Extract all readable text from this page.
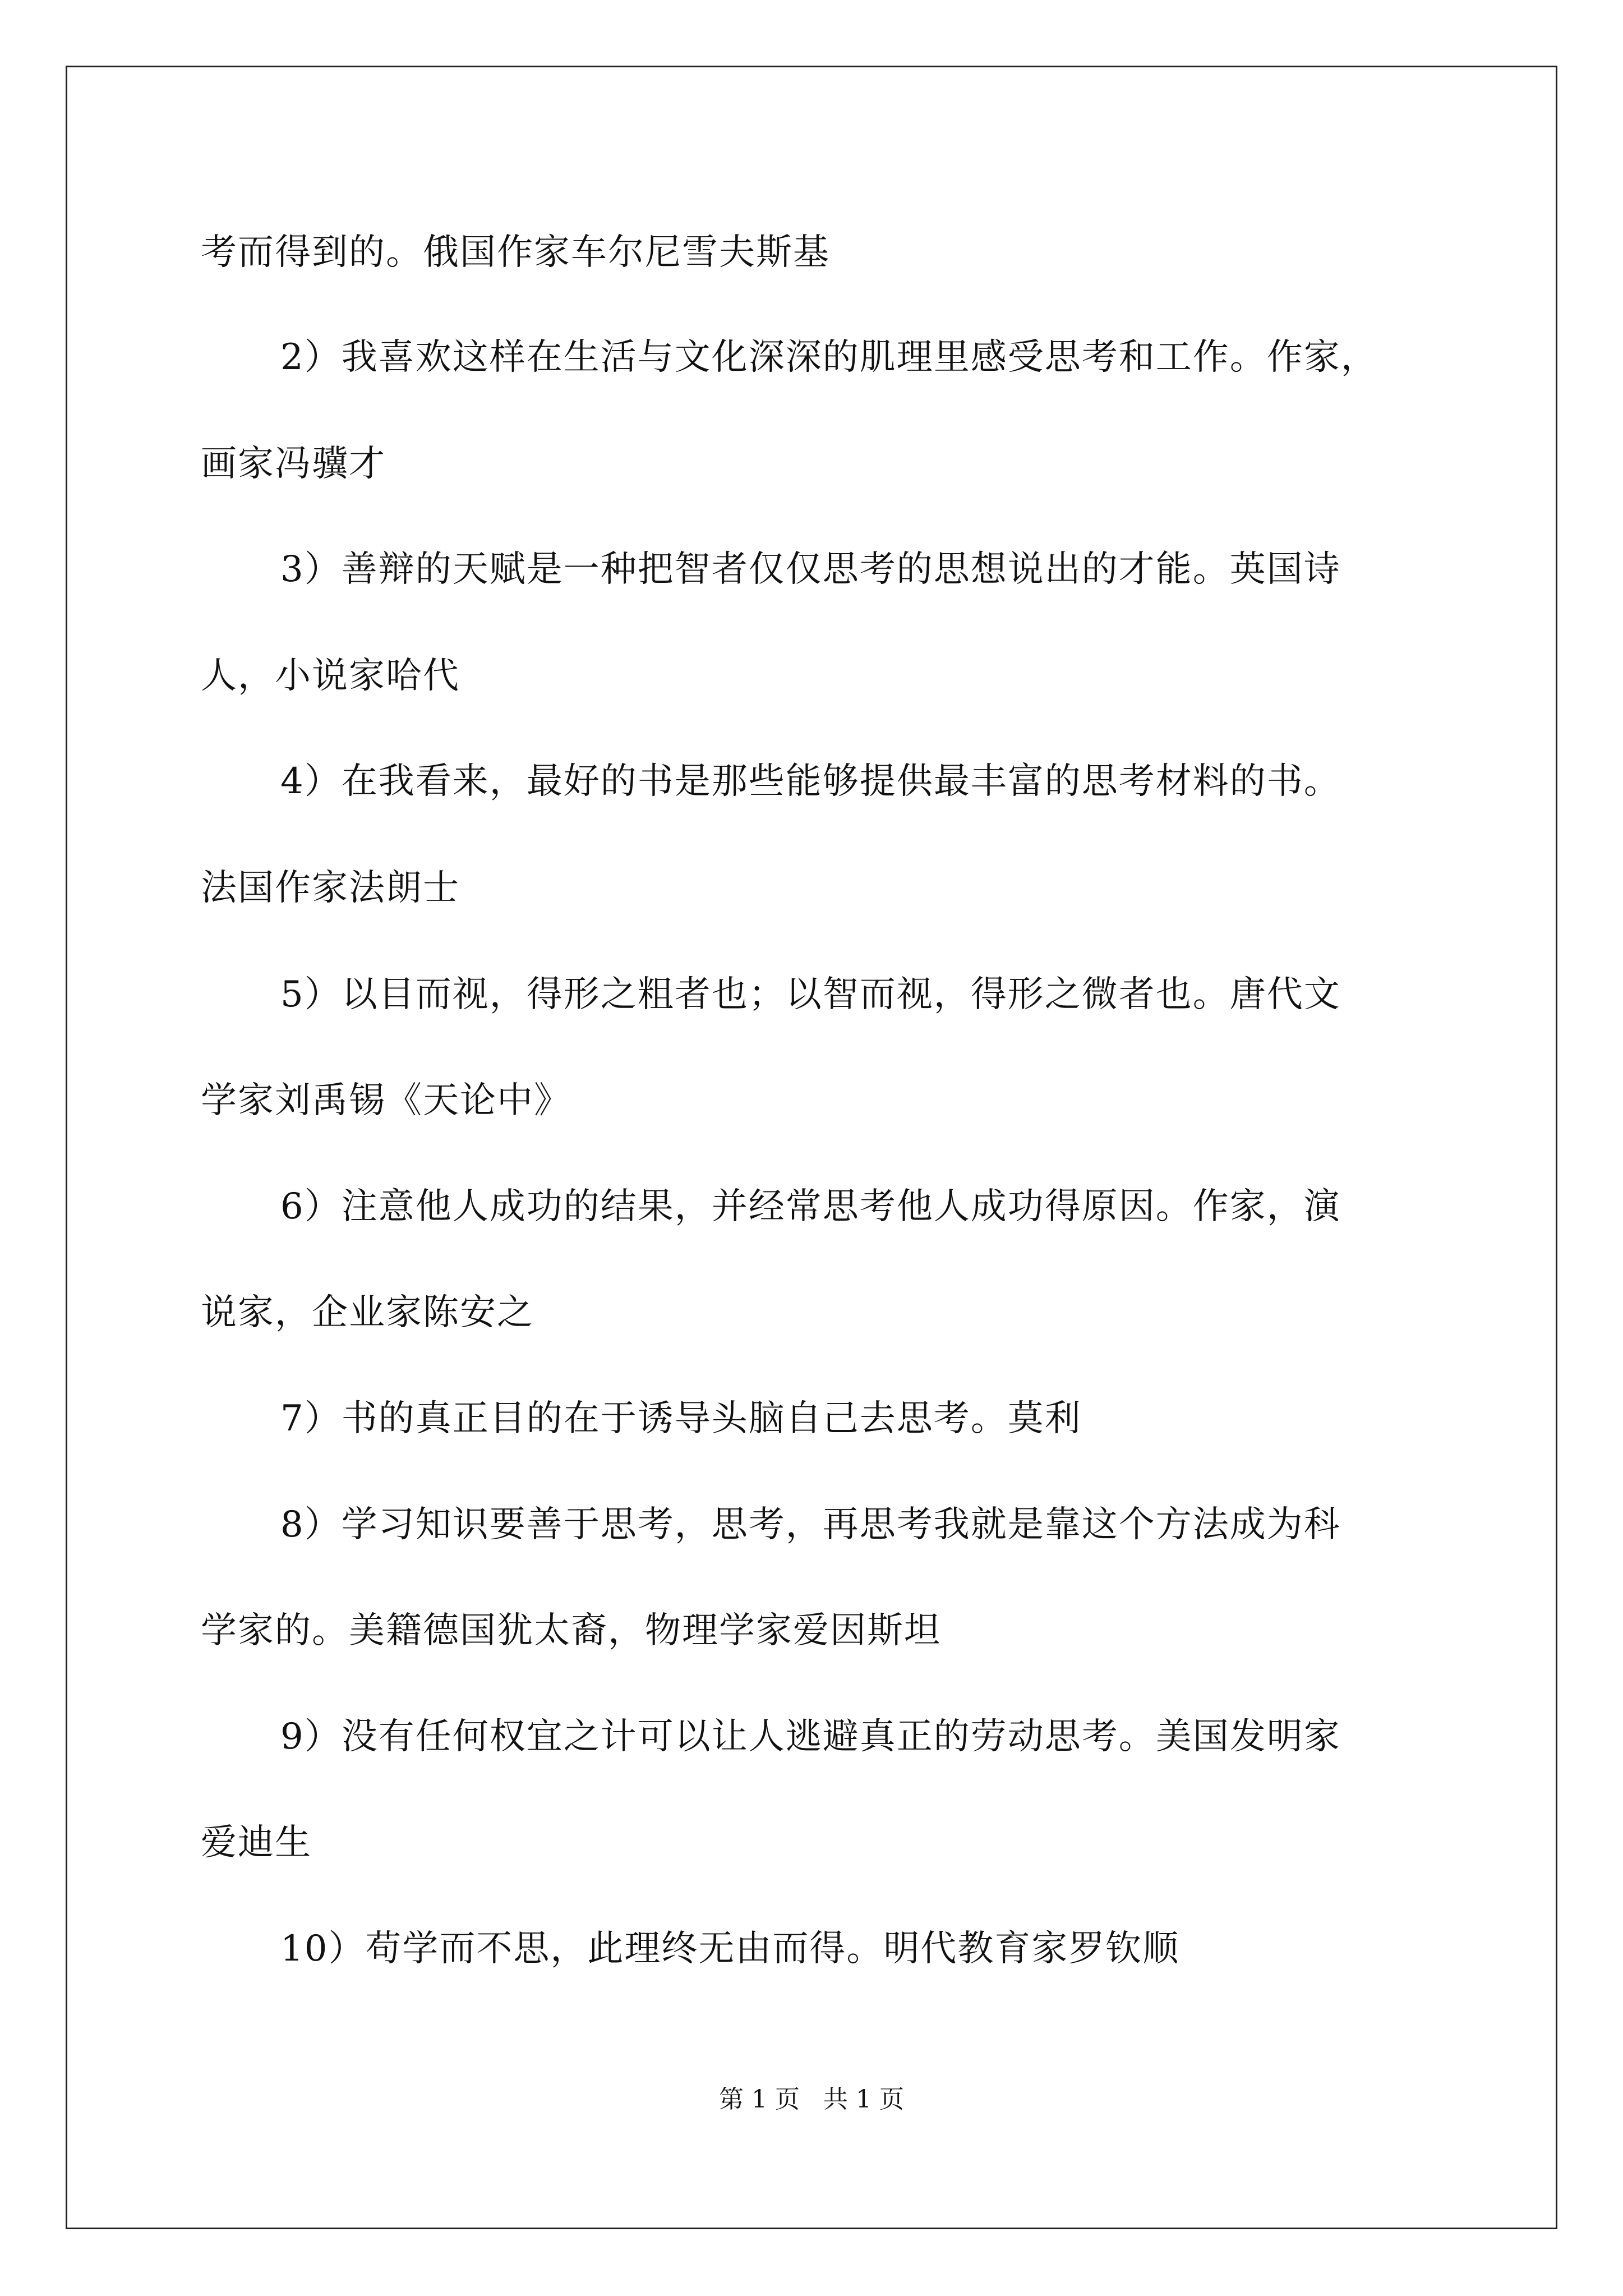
考而得到的。俄国作家车尔尼雪夫斯基
2）我喜欢这样在生活与文化深深的肌理里感受思考和工作。作家，
画家冯骥才
3）善辩的天赋是一种把智者仅仅思考的思想说出的才能。英国诗
人，小说家哈代
4）在我看来，最好的书是那些能够提供最丰富的思考材料的书。
法国作家法朗士
5）以目而视，得形之粗者也；以智而视，得形之微者也。唐代文
学家刘禹锡《天论中》
6）注意他人成功的结果，并经常思考他人成功得原因。作家，演
说家，企业家陈安之
7）书的真正目的在于诱导头脑自己去思考。莫利
8）学习知识要善于思考，思考，再思考我就是靠这个方法成为科
学家的。美籍德国犹太裔，物理学家爱因斯坦
9）没有任何权宜之计可以让人逃避真正的劳动思考。美国发明家
爱迪生
10）苟学而不思，此理终无由而得。明代教育家罗钦顺
第 1 页   共 1 页
